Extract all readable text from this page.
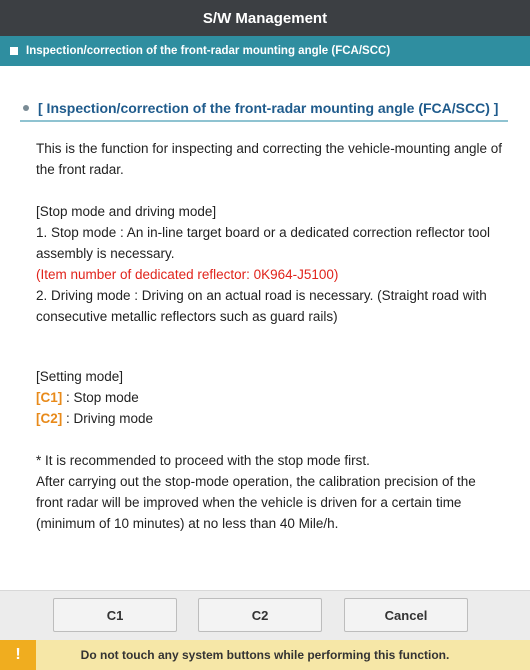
S/W Management
Inspection/correction of the front-radar mounting angle (FCA/SCC)
[ Inspection/correction of the front-radar mounting angle (FCA/SCC) ]

This is the function for inspecting and correcting the vehicle-mounting angle of the front radar.

[Stop mode and driving mode]

1. Stop mode : An in-line target board or a dedicated correction reflector tool assembly is necessary.

(Item number of dedicated reflector: 0K964-J5100)

2. Driving mode : Driving on an actual road is necessary. (Straight road with consecutive metallic reflectors such as guard rails)

[Setting mode]

[C1] : Stop mode

[C2] : Driving mode

* It is recommended to proceed with the stop mode first.

After carrying out the stop-mode operation, the calibration precision of the front radar will be improved when the vehicle is driven for a certain time (minimum of 10 minutes) at no less than 40 Mile/h.

C1	C2	Cancel
!	Do not touch any system buttons while performing this function.
